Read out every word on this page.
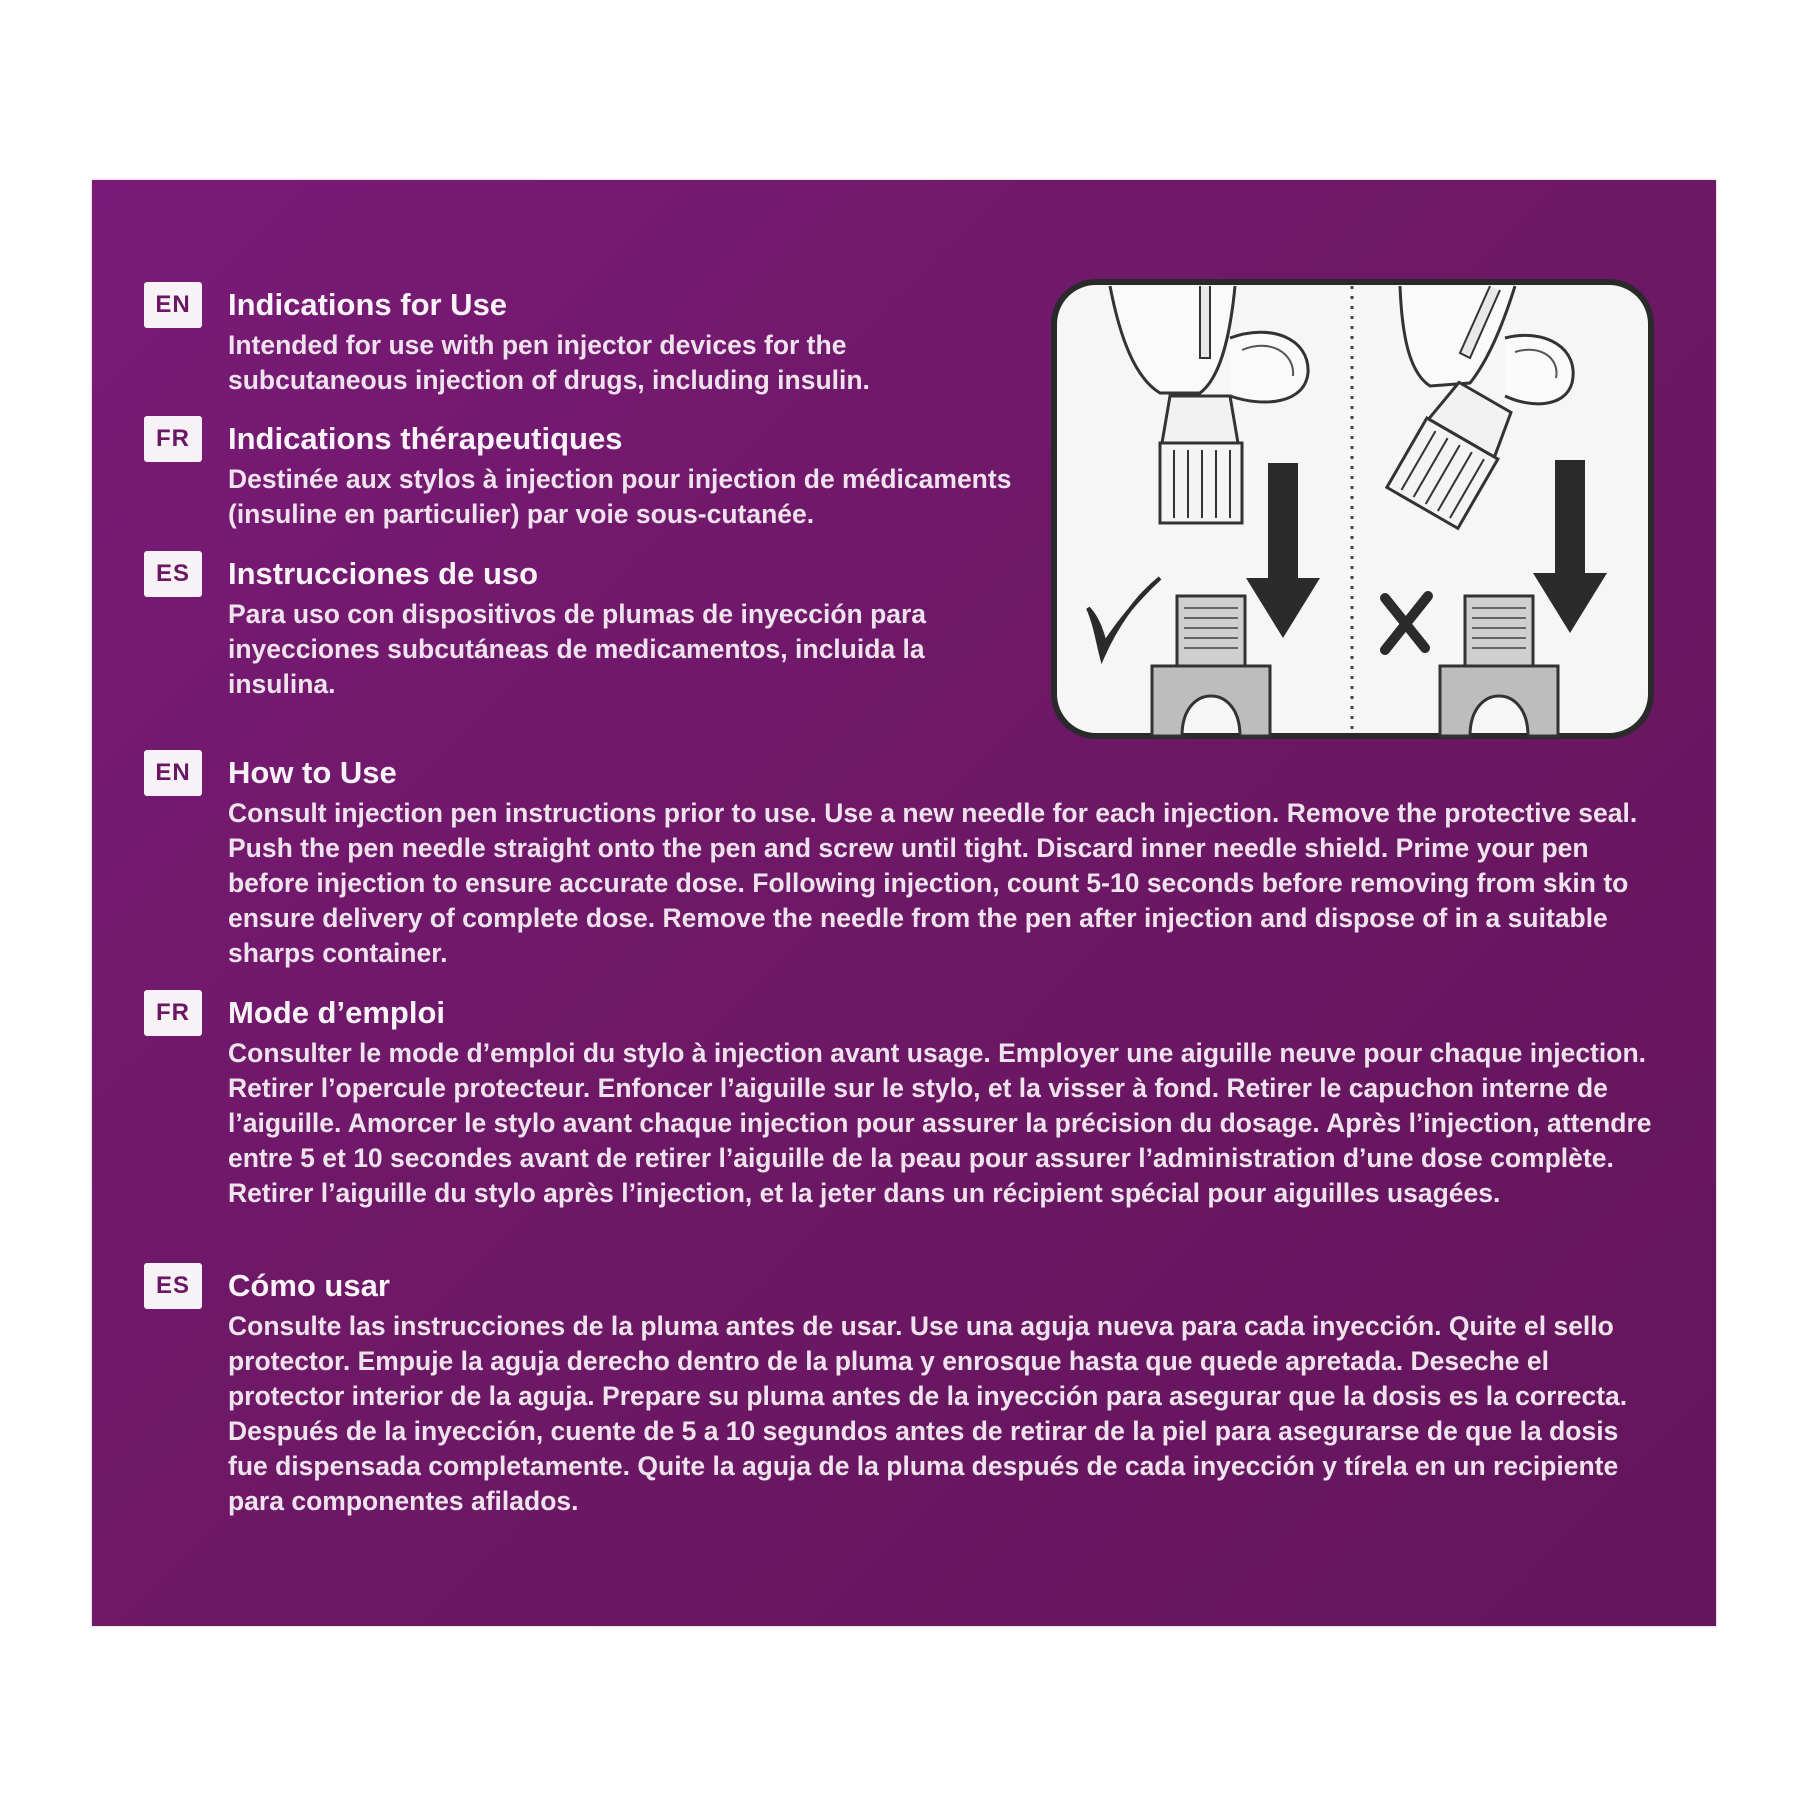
EN	Indications for Use

Intended for use with pen injector devices for the subcutaneous injection of drugs, including insulin.

FR	Indications thérapeutiques

Destinée aux stylos à injection pour injection de médicaments (insuline en particulier) par voie sous-cutanée.

ES	Instrucciones de uso

Para uso con dispositivos de plumas de inyección para inyecciones subcutáneas de medicamentos, incluida la insulina.

EN	How to Use

Consult injection pen instructions prior to use. Use a new needle for each injection. Remove the protective seal. Push the pen needle straight onto the pen and screw until tight. Discard inner needle shield. Prime your pen before injection to ensure accurate dose. Following injection, count 5-10 seconds before removing from skin to ensure delivery of complete dose. Remove the needle from the pen after injection and dispose of in a suitable sharps container.

FR	Mode d’emploi

Consulter le mode d’emploi du stylo à injection avant usage. Employer une aiguille neuve pour chaque injection. Retirer l’opercule protecteur. Enfoncer l’aiguille sur le stylo, et la visser à fond. Retirer le capuchon interne de l’aiguille. Amorcer le stylo avant chaque injection pour assurer la précision du dosage. Après l’injection, attendre entre 5 et 10 secondes avant de retirer l’aiguille de la peau pour assurer l’administration d’une dose complète. Retirer l’aiguille du stylo après l’injection, et la jeter dans un récipient spécial pour aiguilles usagées.

ES	Cómo usar

Consulte las instrucciones de la pluma antes de usar. Use una aguja nueva para cada inyección. Quite el sello protector. Empuje la aguja derecho dentro de la pluma y enrosque hasta que quede apretada. Deseche el protector interior de la aguja. Prepare su pluma antes de la inyección para asegurar que la dosis es la correcta. Después de la inyección, cuente de 5 a 10 segundos antes de retirar de la piel para asegurarse de que la dosis fue dispensada completamente. Quite la aguja de la pluma después de cada inyección y tírela en un recipiente para componentes afilados.
